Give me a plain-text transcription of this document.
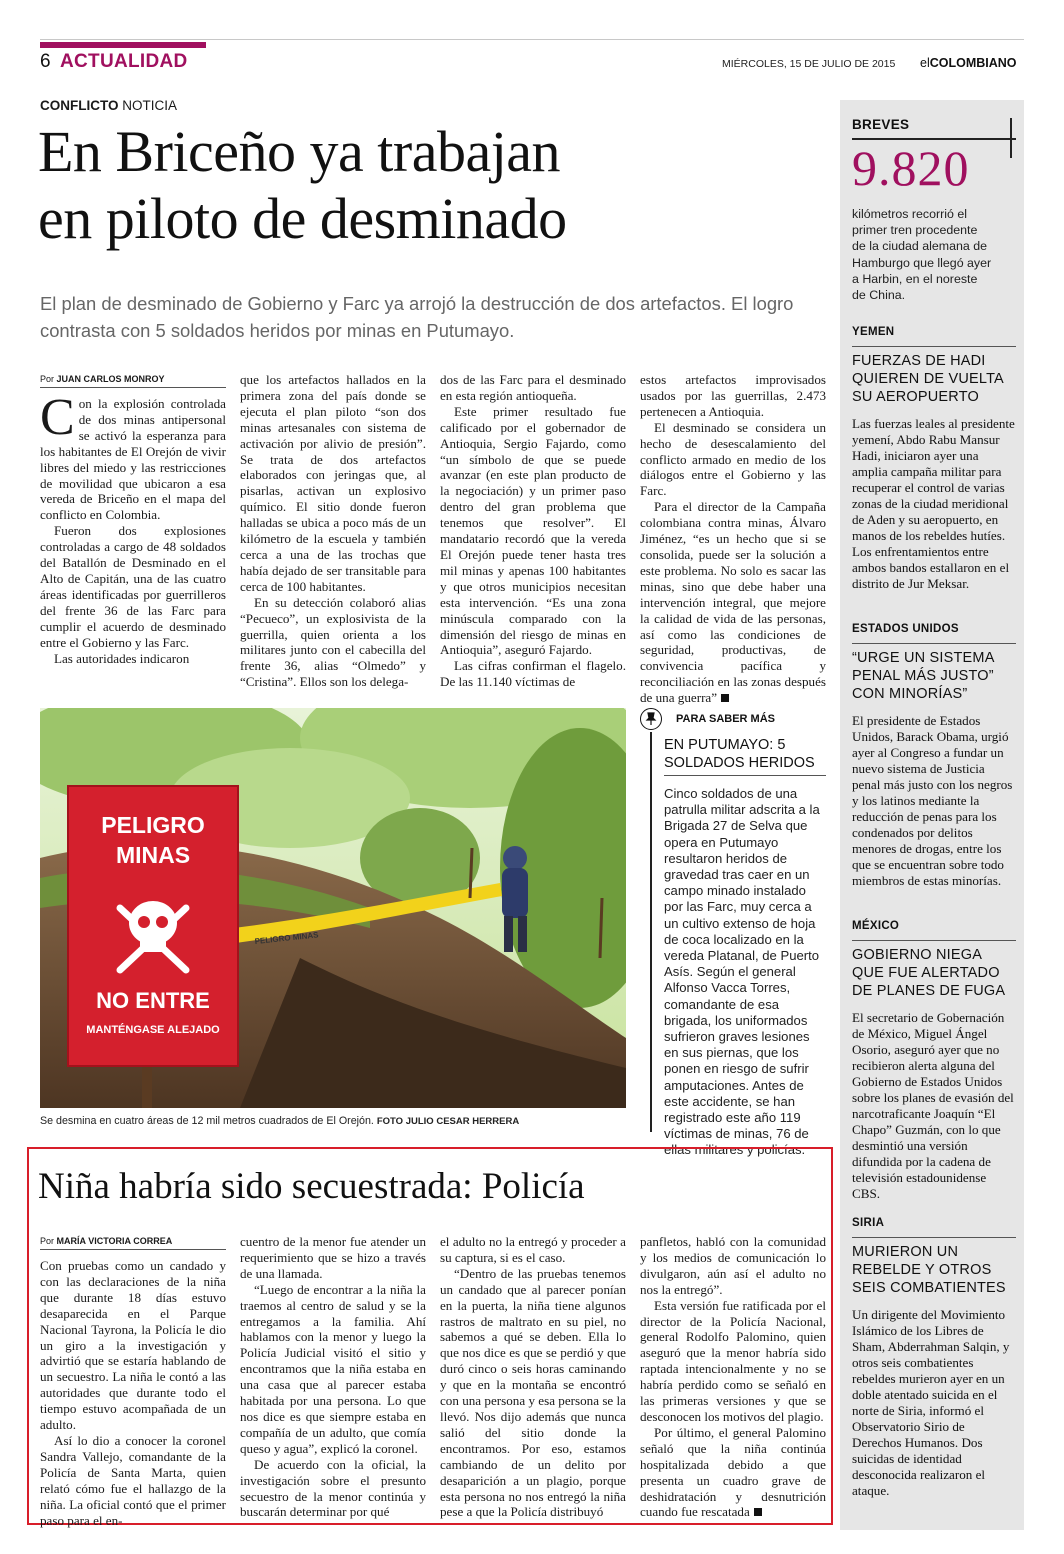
6 ACTUALIDAD	MIÉRCOLES, 15 DE JULIO DE 2015 elCOLOMBIANO
CONFLICTO NOTICIA
En Briceño ya trabajan
en piloto de desminado
El plan de desminado de Gobierno y Farc ya arrojó la destrucción de dos artefactos. El logro contrasta con 5 soldados heridos por minas en Putumayo.
Por JUAN CARLOS MONROY

Con la explosión controlada de dos minas antipersonal se activó la esperanza para los habitantes de El Orejón de vivir libres del miedo y las restricciones de movilidad que ubicaron a esa vereda de Briceño en el mapa del conflicto en Colombia.

Fueron dos explosiones controladas a cargo de 48 soldados del Batallón de Desminado en el Alto de Capitán, una de las cuatro áreas identificadas por guerrilleros del frente 36 de las Farc para cumplir el acuerdo de desminado entre el Gobierno y las Farc.

Las autoridades indicaron

que los artefactos hallados en la primera zona del país donde se ejecuta el plan piloto “son dos minas artesanales con sistema de activación por alivio de presión”. Se trata de dos artefactos elaborados con jeringas que, al pisarlas, activan un explosivo químico. El sitio donde fueron halladas se ubica a poco más de un kilómetro de la escuela y también cerca a una de las trochas que había dejado de ser transitable para cerca de 100 habitantes.

En su detección colaboró alias “Pecueco”, un explosivista de la guerrilla, quien orienta a los militares junto con el cabecilla del frente 36, alias “Olmedo” y “Cristina”. Ellos son los delega-

dos de las Farc para el desminado en esta región antioqueña.

Este primer resultado fue calificado por el gobernador de Antioquia, Sergio Fajardo, como “un símbolo de que se puede avanzar (en este plan producto de la negociación) y un primer paso dentro del gran problema que tenemos que resolver”. El mandatario recordó que la vereda El Orejón puede tener hasta tres mil minas y apenas 100 habitantes y que otros municipios necesitan esta intervención. “Es una zona minúscula comparado con la dimensión del riesgo de minas en Antioquia”, aseguró Fajardo.

Las cifras confirman el flagelo. De las 11.140 víctimas de

estos artefactos improvisados usados por las guerrillas, 2.473 pertenecen a Antioquia.

El desminado se considera un hecho de desescalamiento del conflicto armado en medio de los diálogos entre el Gobierno y las Farc.

Para el director de la Campaña colombiana contra minas, Álvaro Jiménez, “es un hecho que si se consolida, puede ser la solución a este problema. No solo es sacar las minas, sino que debe haber una intervención integral, que mejore la calidad de vida de las personas, así como las condiciones de seguridad, productivas, de convivencia pacífica y reconciliación en las zonas después de una guerra”

PELIGRO
MINAS
NO ENTRE
MANTÉNGASE ALEJADO
PELIGRO MINAS
Se desmina en cuatro áreas de 12 mil metros cuadrados de El Orejón. FOTO JULIO CESAR HERRERA
PARA SABER MÁS
EN PUTUMAYO: 5 SOLDADOS HERIDOS
Cinco soldados de una patrulla militar adscrita a la Brigada 27 de Selva que opera en Putumayo resultaron heridos de gravedad tras caer en un campo minado instalado por las Farc, muy cerca a un cultivo extenso de hoja de coca localizado en la vereda Platanal, de Puerto Asís. Según el general Alfonso Vacca Torres, comandante de esa brigada, los uniformados sufrieron graves lesiones en sus piernas, que los ponen en riesgo de sufrir amputaciones. Antes de este accidente, se han registrado este año 119 víctimas de minas, 76 de ellas militares y policías.
Niña habría sido secuestrada: Policía
Por MARÍA VICTORIA CORREA

Con pruebas como un candado y con las declaraciones de la niña que durante 18 días estuvo desaparecida en el Parque Nacional Tayrona, la Policía le dio un giro a la investigación y advirtió que se estaría hablando de un secuestro. La niña le contó a las autoridades que durante todo el tiempo estuvo acompañada de un adulto.

Así lo dio a conocer la coronel Sandra Vallejo, comandante de la Policía de Santa Marta, quien relató cómo fue el hallazgo de la niña. La oficial contó que el primer paso para el en-

cuentro de la menor fue atender un requerimiento que se hizo a través de una llamada.

“Luego de encontrar a la niña la traemos al centro de salud y se la entregamos a la familia. Ahí hablamos con la menor y luego la Policía Judicial visitó el sitio y encontramos que la niña estaba en una casa que al parecer estaba habitada por una persona. Lo que nos dice es que siempre estaba en compañía de un adulto, que comía queso y agua”, explicó la coronel.

De acuerdo con la oficial, la investigación sobre el presunto secuestro de la menor continúa y buscarán determinar por qué

el adulto no la entregó y proceder a su captura, si es el caso.

“Dentro de las pruebas tenemos un candado que al parecer ponían en la puerta, la niña tiene algunos rastros de maltrato en su piel, no sabemos a qué se deben. Ella lo que nos dice es que se perdió y que duró cinco o seis horas caminando y que en la montaña se encontró con una persona y esa persona se la llevó. Nos dijo además que nunca salió del sitio donde la encontramos. Por eso, estamos cambiando de un delito por desaparición a un plagio, porque esta persona no nos entregó la niña pese a que la Policía distribuyó

panfletos, habló con la comunidad y los medios de comunicación lo divulgaron, aún así el adulto no nos la entregó”.

Esta versión fue ratificada por el director de la Policía Nacional, general Rodolfo Palomino, quien aseguró que la menor habría sido raptada intencionalmente y no se habría perdido como se señaló en las primeras versiones y que se desconocen los motivos del plagio.

Por último, el general Palomino señaló que la niña continúa hospitalizada debido a que presenta un cuadro grave de deshidratación y desnutrición cuando fue rescatada

BREVES
9.820
kilómetros recorrió el primer tren procedente de la ciudad alemana de Hamburgo que llegó ayer a Harbin, en el noreste de China.
YEMEN
FUERZAS DE HADI QUIEREN DE VUELTA SU AEROPUERTO
Las fuerzas leales al presidente yemení, Abdo Rabu Mansur Hadi, iniciaron ayer una amplia campaña militar para recuperar el control de varias zonas de la ciudad meridional de Aden y su aeropuerto, en manos de los rebeldes hutíes. Los enfrentamientos entre ambos bandos estallaron en el distrito de Jur Meksar.
ESTADOS UNIDOS
“URGE UN SISTEMA PENAL MÁS JUSTO” CON MINORÍAS”
El presidente de Estados Unidos, Barack Obama, urgió ayer al Congreso a fundar un nuevo sistema de Justicia penal más justo con los negros y los latinos mediante la reducción de penas para los condenados por delitos menores de drogas, entre los que se encuentran sobre todo miembros de estas minorías.
MÉXICO
GOBIERNO NIEGA QUE FUE ALERTADO DE PLANES DE FUGA
El secretario de Gobernación de México, Miguel Ángel Osorio, aseguró ayer que no recibieron alerta alguna del Gobierno de Estados Unidos sobre los planes de evasión del narcotraficante Joaquín “El Chapo” Guzmán, con lo que desmintió una versión difundida por la cadena de televisión estadounidense CBS.
SIRIA
MURIERON UN REBELDE Y OTROS SEIS COMBATIENTES
Un dirigente del Movimiento Islámico de los Libres de Sham, Abderrahman Salqin, y otros seis combatientes rebeldes murieron ayer en un doble atentado suicida en el norte de Siria, informó el Observatorio Sirio de Derechos Humanos. Dos suicidas de identidad desconocida realizaron el ataque.
